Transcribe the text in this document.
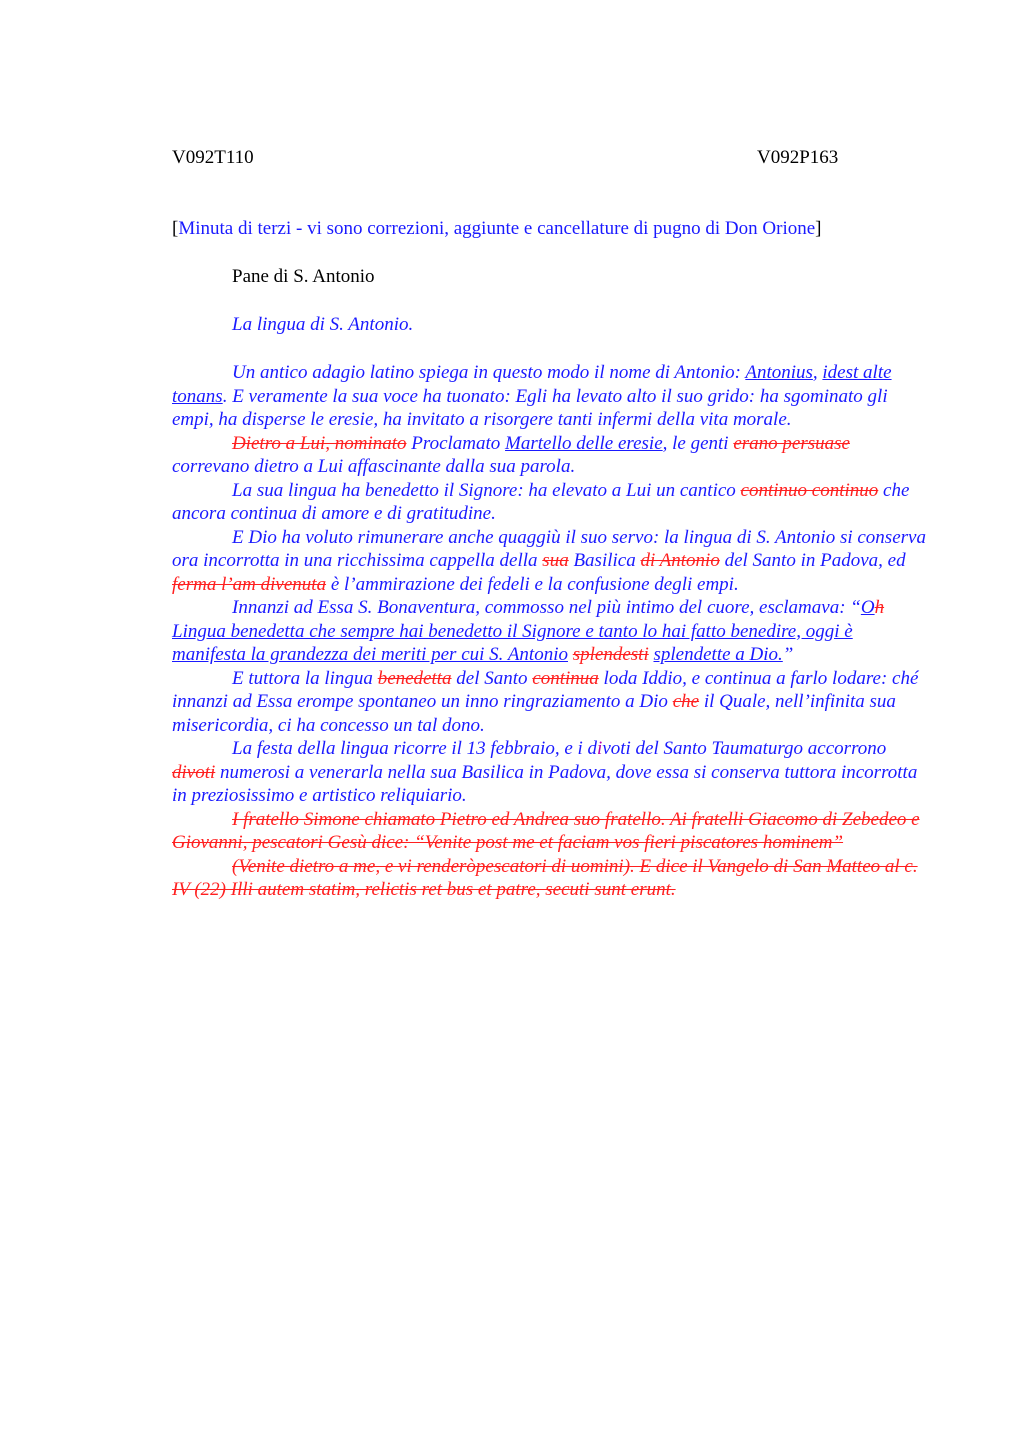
V092T110	V092P163
[Minuta di terzi - vi sono correzioni, aggiunte e cancellature di pugno di Don Orione]
Pane di S. Antonio
La lingua di S. Antonio.

Un antico adagio latino spiega in questo modo il nome di Antonio: Antonius, idest alte tonans. E veramente la sua voce ha tuonato: Egli ha levato alto il suo grido: ha sgominato gli empi, ha disperse le eresie, ha invitato a risorgere tanti infermi della vita morale.

Dietro a Lui, nominato Proclamato Martello delle eresie, le genti erano persuase correvano dietro a Lui affascinante dalla sua parola.

La sua lingua ha benedetto il Signore: ha elevato a Lui un cantico continuo continuo che ancora continua di amore e di gratitudine.

E Dio ha voluto rimunerare anche quaggiù il suo servo: la lingua di S. Antonio si conserva ora incorrotta in una ricchissima cappella della sua Basilica di Antonio del Santo in Padova, ed ferma l’am divenuta è l’ammirazione dei fedeli e la confusione degli empi.

Innanzi ad Essa S. Bonaventura, commosso nel più intimo del cuore, esclamava: “Oh Lingua benedetta che sempre hai benedetto il Signore e tanto lo hai fatto benedire, oggi è manifesta la grandezza dei meriti per cui S. Antonio splendesti splendette a Dio.”

E tuttora la lingua benedetta del Santo continua loda Iddio, e continua a farlo lodare: ché innanzi ad Essa erompe spontaneo un inno ringraziamento a Dio che il Quale, nell’infinita sua misericordia, ci ha concesso un tal dono.

La festa della lingua ricorre il 13 febbraio, e i divoti del Santo Taumaturgo accorrono divoti numerosi a venerarla nella sua Basilica in Padova, dove essa si conserva tuttora incorrotta in preziosissimo e artistico reliquiario.

I fratello Simone chiamato Pietro ed Andrea suo fratello. Ai fratelli Giacomo di Zebedeo e Giovanni, pescatori Gesù dice: “Venite post me et faciam vos fieri piscatores hominem”

(Venite dietro a me, e vi renderòpescatori di uomini). E dice il Vangelo di San Matteo al c. IV (22) Illi autem statim, relictis ret bus et patre, secuti sunt erunt.
